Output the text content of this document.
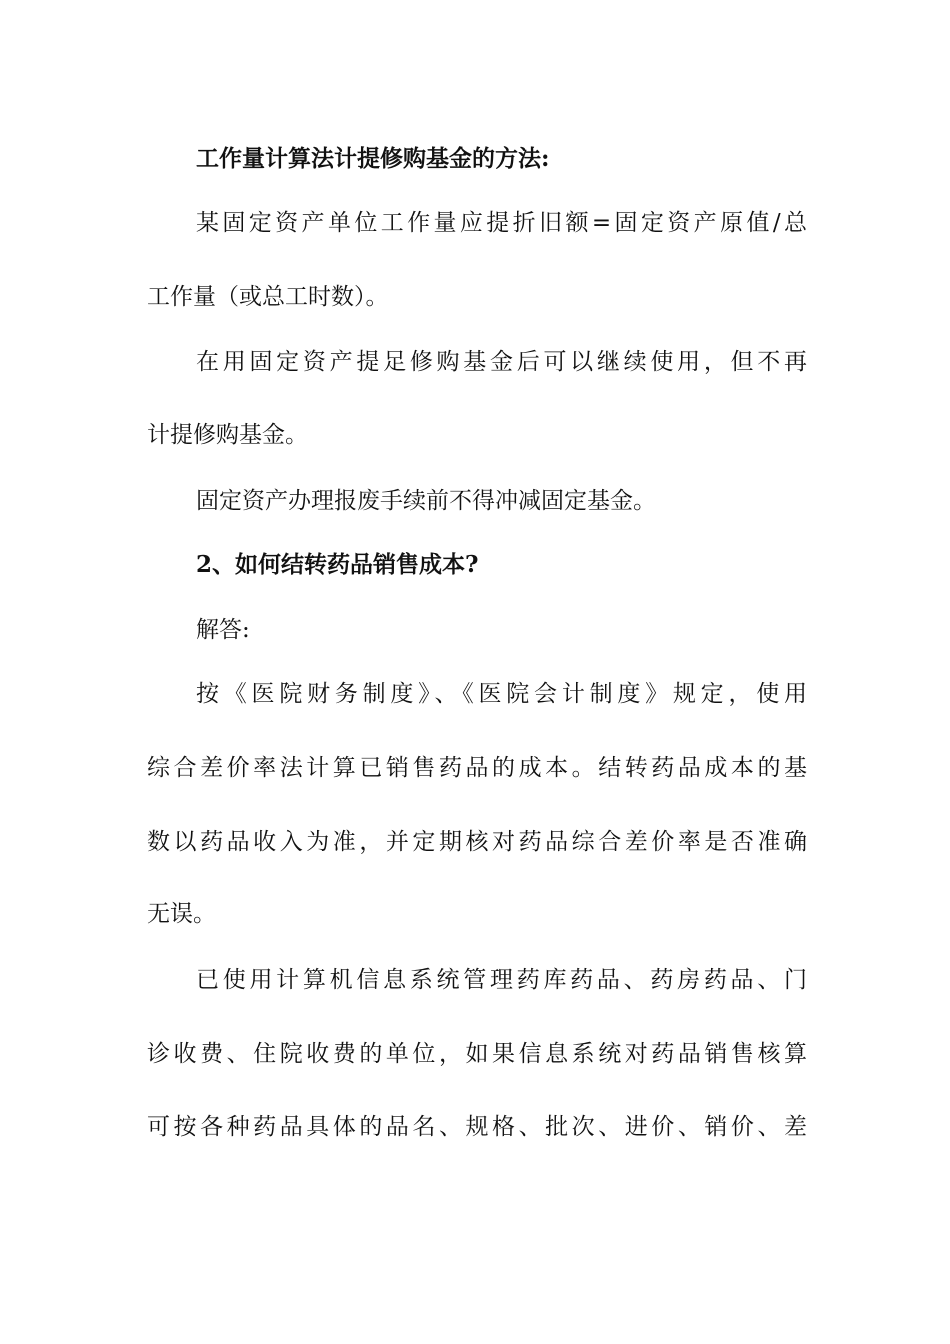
工作量计算法计提修购基金的方法:

某固定资产单位工作量应提折旧额=固定资产原值/总

工作量（或总工时数）。

在用固定资产提足修购基金后可以继续使用，但不再

计提修购基金。

固定资产办理报废手续前不得冲减固定基金。

2、如何结转药品销售成本?

解答:

按《医院财务制度》、《医院会计制度》规定，使用

综合差价率法计算已销售药品的成本。结转药品成本的基

数以药品收入为准，并定期核对药品综合差价率是否准确

无误。

已使用计算机信息系统管理药库药品、药房药品、门

诊收费、住院收费的单位，如果信息系统对药品销售核算

可按各种药品具体的品名、规格、批次、进价、销价、差
